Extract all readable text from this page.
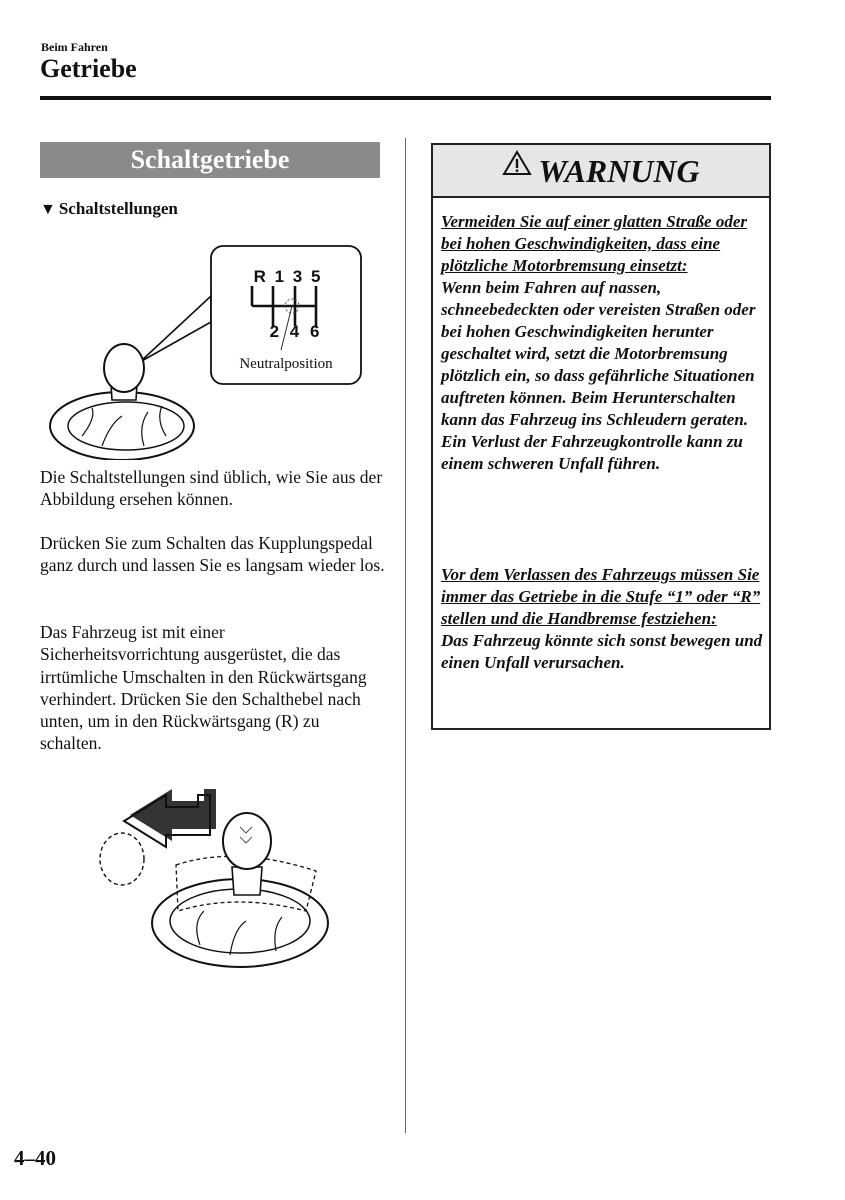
Beim Fahren
Getriebe
Schaltgetriebe
▼ Schaltstellungen
R 1 3 5
2 4 6
Neutralposition
Die Schaltstellungen sind üblich, wie Sie aus der Abbildung ersehen können.
Drücken Sie zum Schalten das Kupplungspedal ganz durch und lassen Sie es langsam wieder los.
Das Fahrzeug ist mit einer Sicherheitsvorrichtung ausgerüstet, die das irrtümliche Umschalten in den Rückwärtsgang verhindert. Drücken Sie den Schalthebel nach unten, um in den Rückwärtsgang (R) zu schalten.
WARNUNG
Vermeiden Sie auf einer glatten Straße oder bei hohen Geschwindigkeiten, dass eine plötzliche Motorbremsung einsetzt:
Wenn beim Fahren auf nassen, schneebedeckten oder vereisten Straßen oder bei hohen Geschwindigkeiten herunter geschaltet wird, setzt die Motorbremsung plötzlich ein, so dass gefährliche Situationen auftreten können. Beim Herunterschalten kann das Fahrzeug ins Schleudern geraten. Ein Verlust der Fahrzeugkontrolle kann zu einem schweren Unfall führen.
Vor dem Verlassen des Fahrzeugs müssen Sie immer das Getriebe in die Stufe “1” oder “R” stellen und die Handbremse festziehen:
Das Fahrzeug könnte sich sonst bewegen und einen Unfall verursachen.
4–40
